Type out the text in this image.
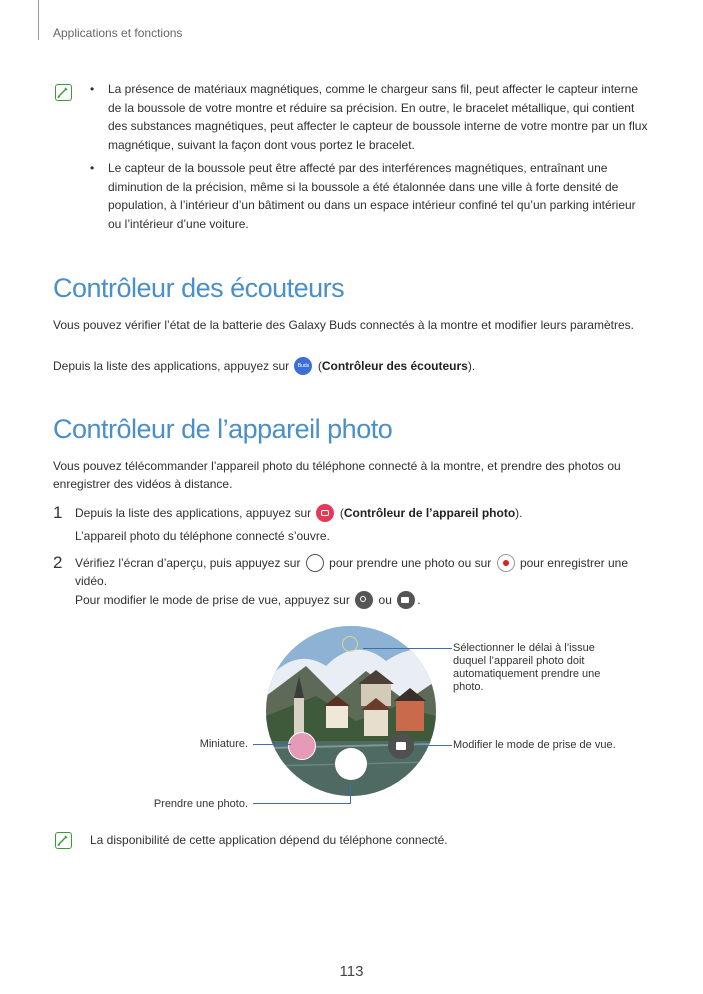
Applications et fonctions
• La présence de matériaux magnétiques, comme le chargeur sans fil, peut affecter le capteur interne de la boussole de votre montre et réduire sa précision. En outre, le bracelet métallique, qui contient des substances magnétiques, peut affecter le capteur de boussole interne de votre montre par un flux magnétique, suivant la façon dont vous portez le bracelet.
• Le capteur de la boussole peut être affecté par des interférences magnétiques, entraînant une diminution de la précision, même si la boussole a été étalonnée dans une ville à forte densité de population, à l’intérieur d’un bâtiment ou dans un espace intérieur confiné tel qu’un parking intérieur ou l’intérieur d’une voiture.
Contrôleur des écouteurs
Vous pouvez vérifier l’état de la batterie des Galaxy Buds connectés à la montre et modifier leurs paramètres.
Depuis la liste des applications, appuyez sur
	Buds
( Contrôleur des écouteurs ).
Contrôleur de l’appareil photo
Vous pouvez télécommander l’appareil photo du téléphone connecté à la montre, et prendre des photos ou enregistrer des vidéos à distance.
1 Depuis la liste des applications, appuyez sur

( Contrôleur de l’appareil photo ).
L’appareil photo du téléphone connecté s’ouvre.
2 Vérifiez l’écran d’aperçu, puis appuyez sur

pour prendre une photo ou sur

pour enregistrer une
vidéo.
Pour modifier le mode de prise de vue, appuyez sur

ou
.
Sélectionner le délai à l’issue duquel l’appareil photo doit automatiquement prendre une photo.
Modifier le mode de prise de vue.
Miniature.
Prendre une photo.
La disponibilité de cette application dépend du téléphone connecté.
113
